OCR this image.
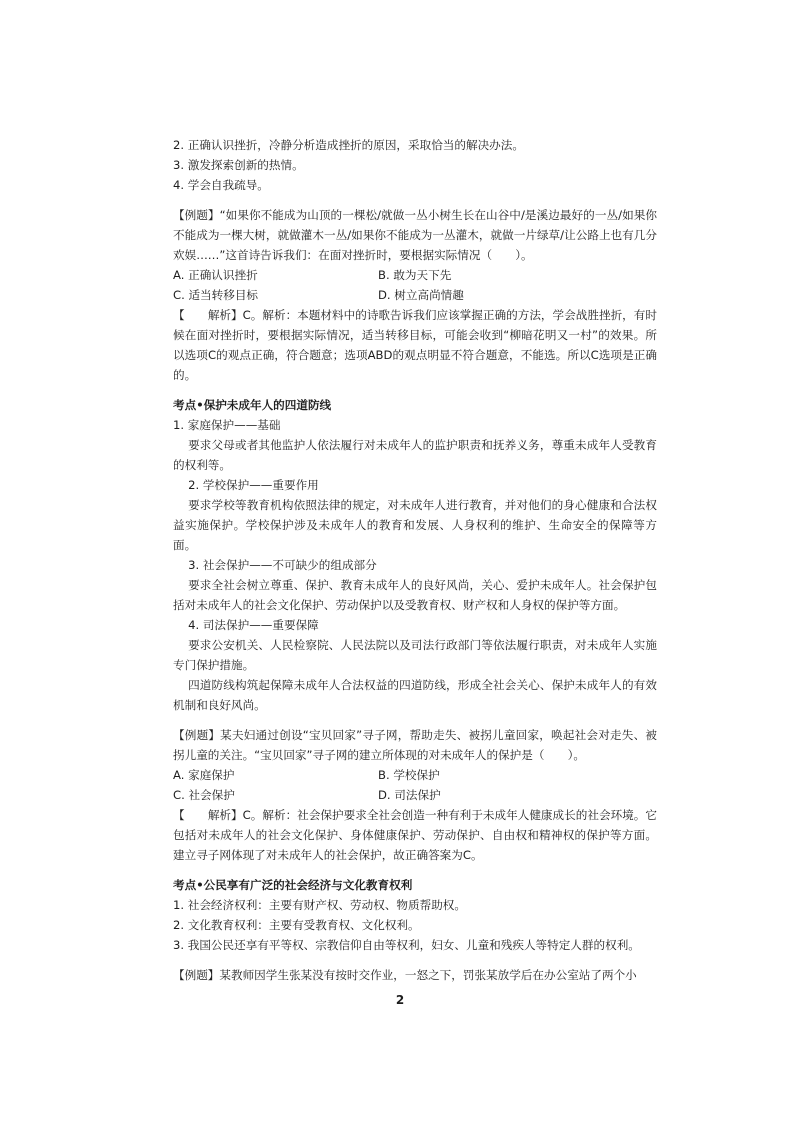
2. 正确认识挫折，冷静分析造成挫折的原因，采取恰当的解决办法。

3. 激发探索创新的热情。

4. 学会自我疏导。

【例题】“如果你不能成为山顶的一棵松/就做一丛小树生长在山谷中/是溪边最好的一丛/如果你不能成为一棵大树，就做灌木一丛/如果你不能成为一丛灌木，就做一片绿草/让公路上也有几分欢娱……”这首诗告诉我们：在面对挫折时，要根据实际情况（　　）。

A. 正确认识挫折	B. 敢为天下先
C. 适当转移目标	D. 树立高尚情趣

【　　解析】C。解析：本题材料中的诗歌告诉我们应该掌握正确的方法，学会战胜挫折，有时候在面对挫折时，要根据实际情况，适当转移目标，可能会收到“柳暗花明又一村”的效果。所以选项C的观点正确，符合题意；选项ABD的观点明显不符合题意，不能选。所以C选项是正确的。

考点•保护未成年人的四道防线

1. 家庭保护——基础

要求父母或者其他监护人依法履行对未成年人的监护职责和抚养义务，尊重未成年人受教育的权利等。

2. 学校保护——重要作用

要求学校等教育机构依照法律的规定，对未成年人进行教育，并对他们的身心健康和合法权益实施保护。学校保护涉及未成年人的教育和发展、人身权利的维护、生命安全的保障等方面。

3. 社会保护——不可缺少的组成部分

要求全社会树立尊重、保护、教育未成年人的良好风尚，关心、爱护未成年人。社会保护包括对未成年人的社会文化保护、劳动保护以及受教育权、财产权和人身权的保护等方面。

4. 司法保护——重要保障

要求公安机关、人民检察院、人民法院以及司法行政部门等依法履行职责，对未成年人实施专门保护措施。

四道防线构筑起保障未成年人合法权益的四道防线，形成全社会关心、保护未成年人的有效机制和良好风尚。

【例题】某夫妇通过创设“宝贝回家”寻子网，帮助走失、被拐儿童回家，唤起社会对走失、被拐儿童的关注。“宝贝回家”寻子网的建立所体现的对未成年人的保护是（　　）。

A. 家庭保护	B. 学校保护
C. 社会保护	D. 司法保护

【　　解析】C。解析：社会保护要求全社会创造一种有利于未成年人健康成长的社会环境。它包括对未成年人的社会文化保护、身体健康保护、劳动保护、自由权和精神权的保护等方面。建立寻子网体现了对未成年人的社会保护，故正确答案为C。

考点•公民享有广泛的社会经济与文化教育权利

1. 社会经济权利：主要有财产权、劳动权、物质帮助权。

2. 文化教育权利：主要有受教育权、文化权利。

3. 我国公民还享有平等权、宗教信仰自由等权利，妇女、儿童和残疾人等特定人群的权利。

【例题】某教师因学生张某没有按时交作业，一怒之下，罚张某放学后在办公室站了两个小

2
